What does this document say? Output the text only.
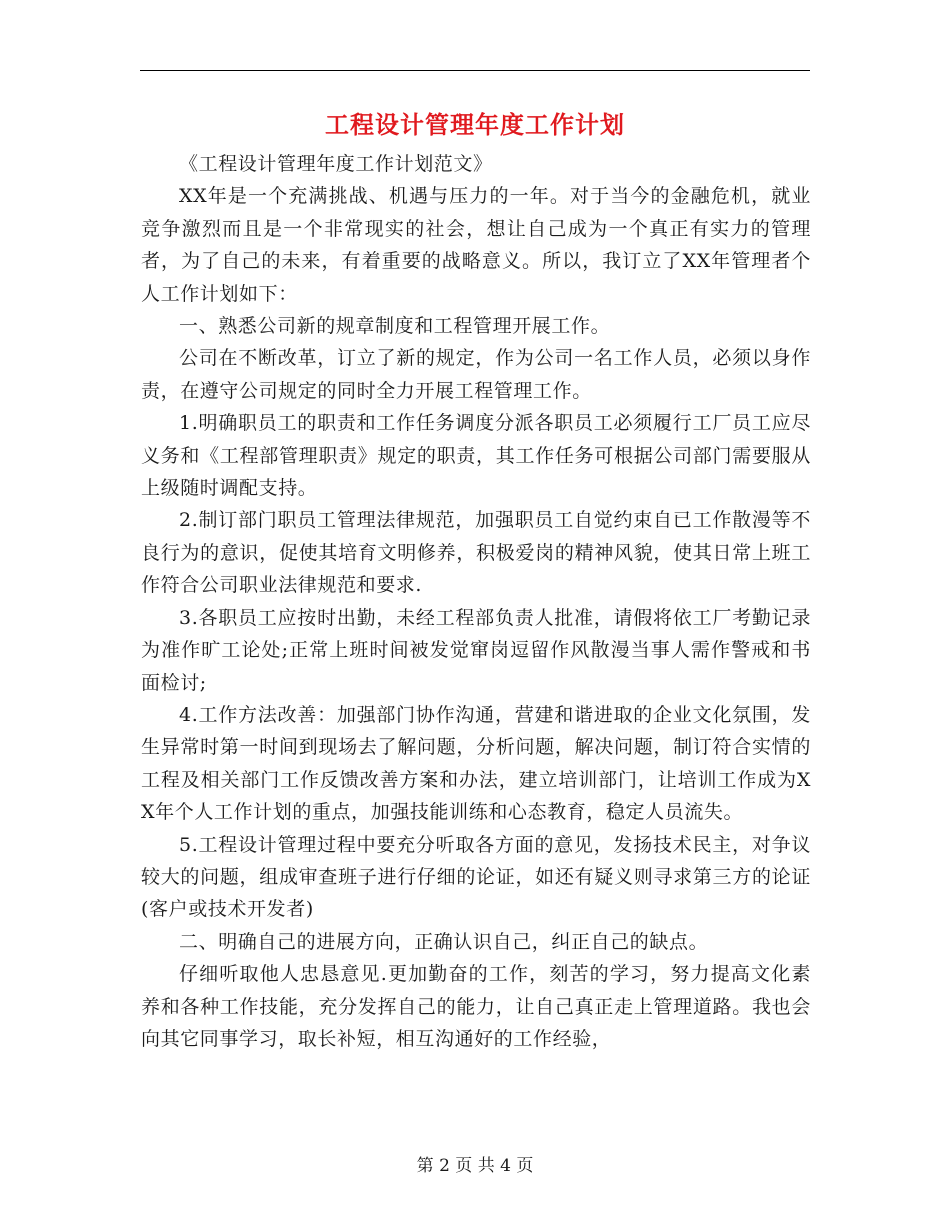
工程设计管理年度工作计划

《工程设计管理年度工作计划范文》

XX年是一个充满挑战、机遇与压力的一年。对于当今的金融危机，就业竞争激烈而且是一个非常现实的社会，想让自己成为一个真正有实力的管理者，为了自己的未来，有着重要的战略意义。所以，我订立了XX年管理者个人工作计划如下：

一、熟悉公司新的规章制度和工程管理开展工作。

公司在不断改革，订立了新的规定，作为公司一名工作人员，必须以身作责，在遵守公司规定的同时全力开展工程管理工作。

1.明确职员工的职责和工作任务调度分派各职员工必须履行工厂员工应尽义务和《工程部管理职责》规定的职责，其工作任务可根据公司部门需要服从上级随时调配支持。

2.制订部门职员工管理法律规范，加强职员工自觉约束自已工作散漫等不良行为的意识，促使其培育文明修养，积极爱岗的精神风貌，使其日常上班工作符合公司职业法律规范和要求.

3.各职员工应按时出勤，未经工程部负责人批准，请假将依工厂考勤记录为准作旷工论处;正常上班时间被发觉窜岗逗留作风散漫当事人需作警戒和书面检讨;

4.工作方法改善：加强部门协作沟通，营建和谐进取的企业文化氛围，发生异常时第一时间到现场去了解问题，分析问题，解决问题，制订符合实情的工程及相关部门工作反馈改善方案和办法，建立培训部门，让培训工作成为XX年个人工作计划的重点，加强技能训练和心态教育，稳定人员流失。

5.工程设计管理过程中要充分听取各方面的意见，发扬技术民主，对争议较大的问题，组成审查班子进行仔细的论证，如还有疑义则寻求第三方的论证(客户或技术开发者)

二、明确自己的进展方向，正确认识自己，纠正自己的缺点。

仔细听取他人忠恳意见.更加勤奋的工作，刻苦的学习，努力提高文化素养和各种工作技能，充分发挥自己的能力，让自己真正走上管理道路。我也会向其它同事学习，取长补短，相互沟通好的工作经验，

第 2 页 共 4 页
